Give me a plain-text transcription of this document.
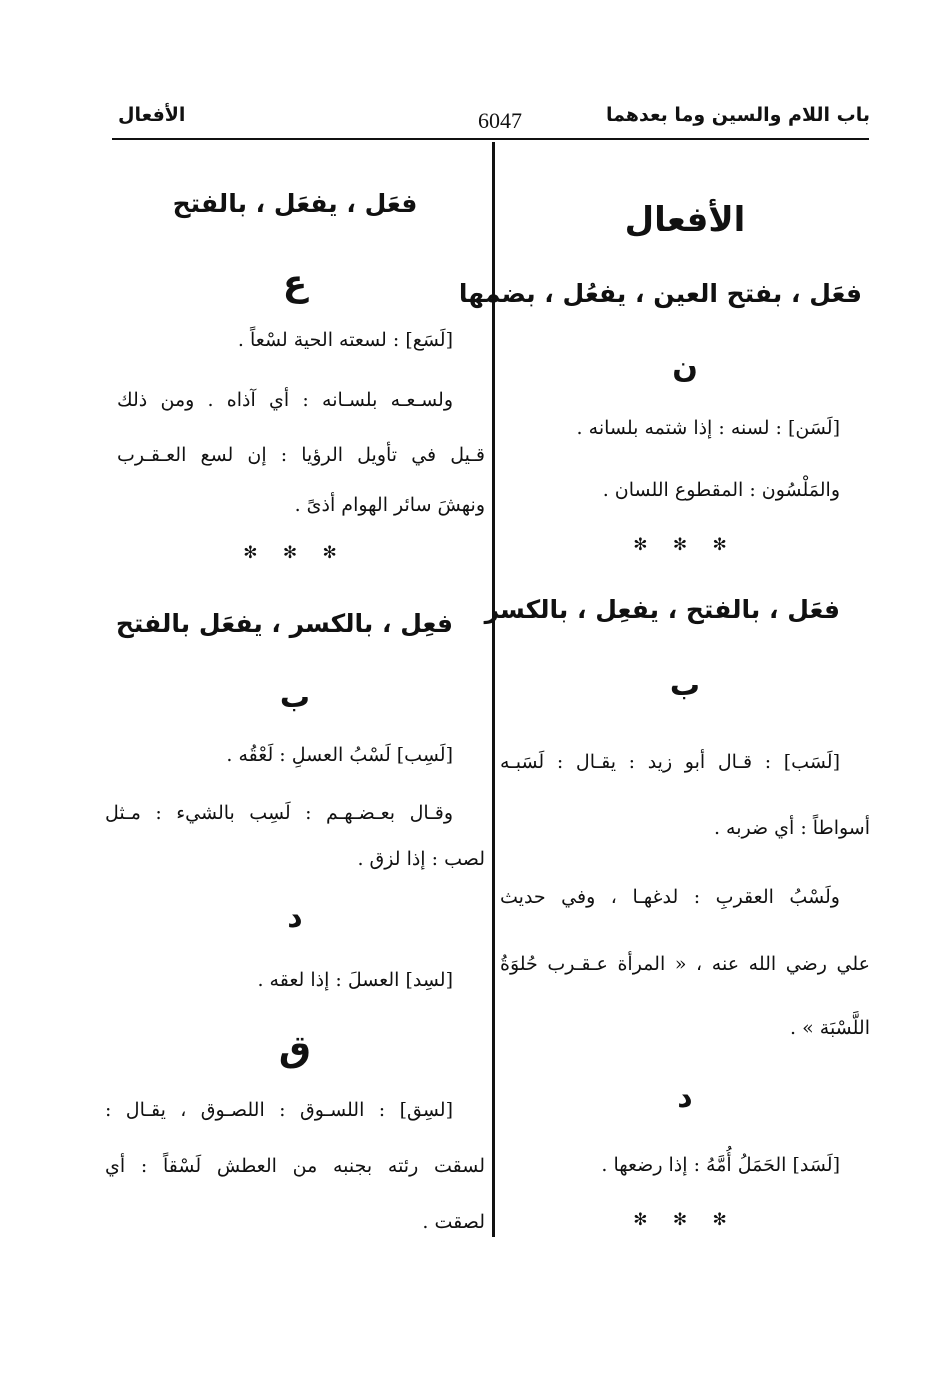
باب اللام والسين وما بعدهما
6047
الأفعال
الأفعال
فعَل ، بفتح العين ، يفعُل ، بضمها
ن
[لَسَن] : لسنه : إذا شتمه بلسانه .
والمَلْسُون : المقطوع اللسان .
✻ ✻ ✻
فعَل ، بالفتح ، يفعِل ، بالكسر
ب
[لَسَب] : قـال أبو زيد : يقـال : لَسَبـه
أسواطاً : أي ضربه .
ولَسْبُ العقربِ : لدغهـا ، وفي حديث
علي رضي الله عنه ، « المرأة عـقـرب حُلوَةُ
اللَّسْبَة » .
د
[لَسَد] الحَمَلُ أُمَّهُ : إذا رضعها .
✻ ✻ ✻
فعَل ، يفعَل ، بالفتح
ع
[لَسَع] : لسعته الحية لسْعاً .
ولسـعـه بلسـانه : أي آذاه . ومن ذلك
قـيل في تأويل الرؤيا : إن لسع العـقـرب
ونهشَ سائر الهوام أذىً .
✻ ✻ ✻
فعِل ، بالكسر ، يفعَل بالفتح
ب
[لَسِب] لَسْبُ العسلِ : لَعْقُه .
وقـال بعـضـهـم : لَسِب بالشيء : مـثل
لصب : إذا لزق .
د
[لسِد] العسلَ : إذا لعقه .
ق
[لسِق] : اللسـوق : اللصـوق ، يقـال :
لسقت رئته بجنبه من العطش لَسْقاً : أي
لصقت .
